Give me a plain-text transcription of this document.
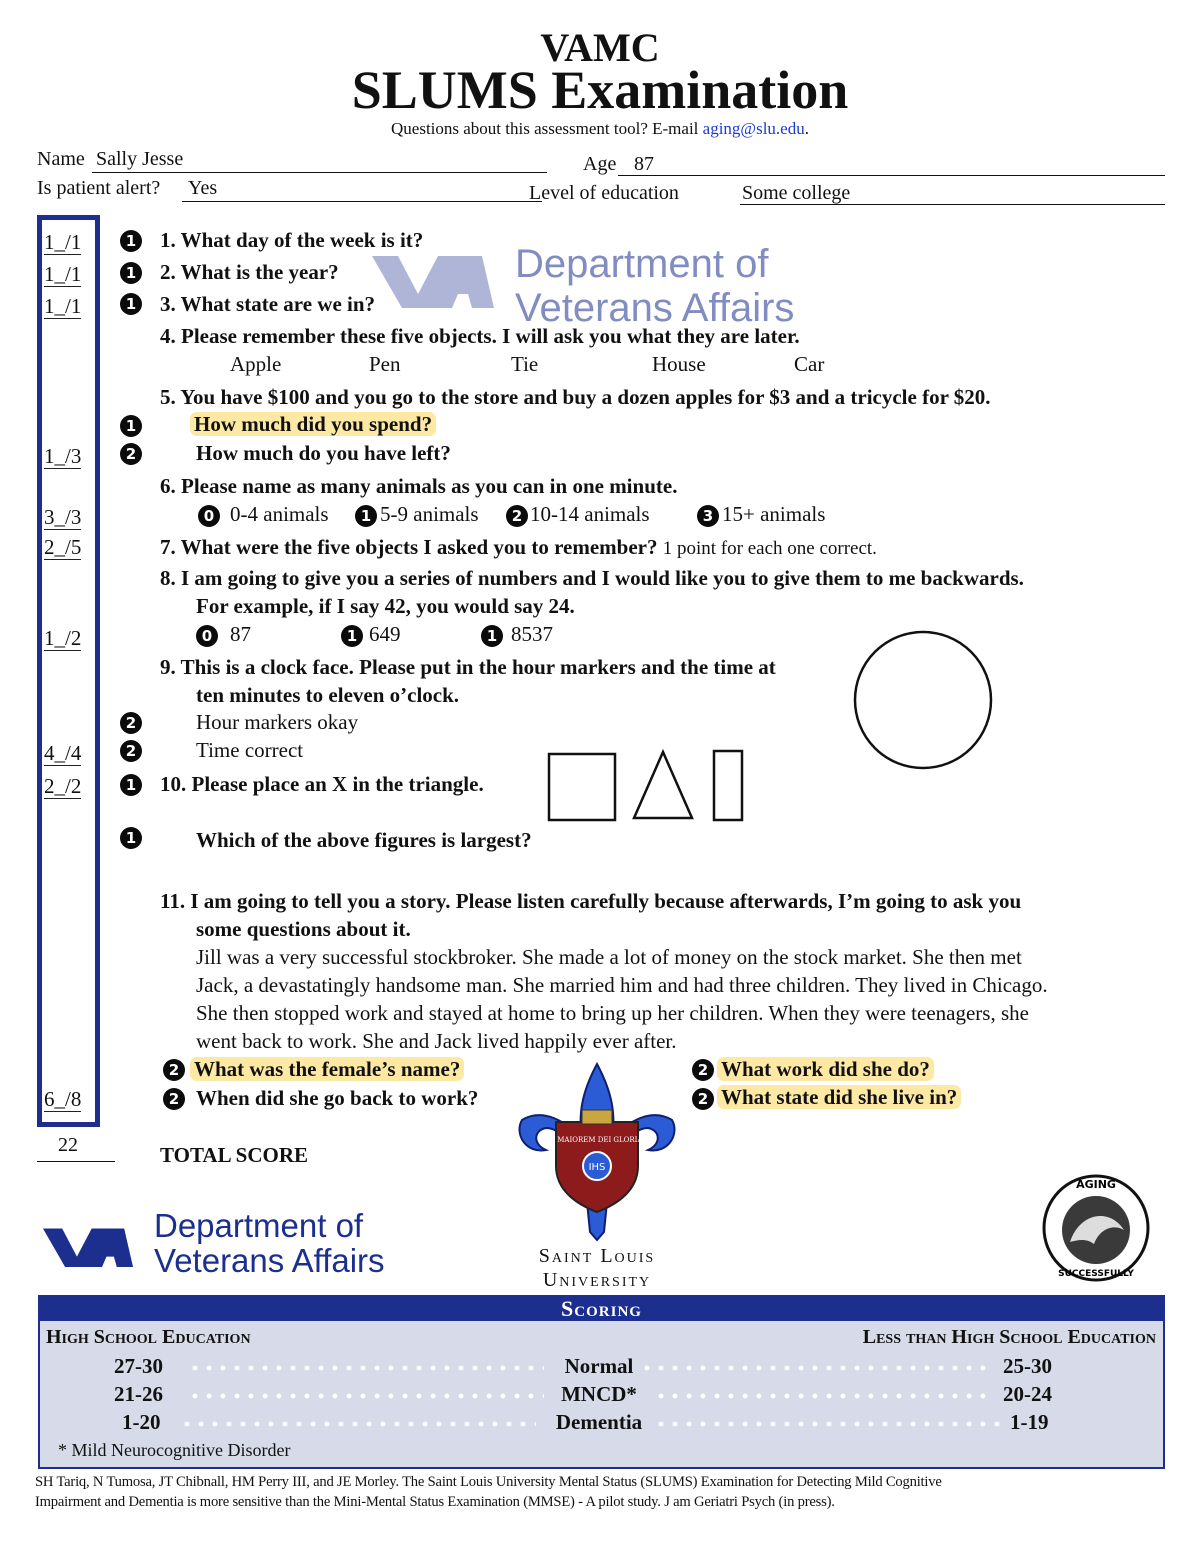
VAMC
SLUMS Examination
Questions about this assessment tool? E-mail aging@slu.edu.
Name Sally Jesse	Age 87
Is patient alert? Yes	Level of education	Some college
Department of
Veterans Affairs
1_/1
1_/1
1_/1
1_/3
3_/3
2_/5
1_/2
4_/4
2_/2
6_/8
22	TOTAL SCORE
1 1. What day of the week is it?
1 2. What is the year?
1 3. What state are we in?
4. Please remember these five objects. I will ask you what they are later.
Apple	Pen	Tie	House	Car
5. You have $100 and you go to the store and buy a dozen apples for $3 and a tricycle for $20.
1	How much did you spend?
2	How much do you have left?
6. Please name as many animals as you can in one minute.
0 0-4 animals	1 5-9 animals	2 10-14 animals	3 15+ animals
7. What were the five objects I asked you to remember? 1 point for each one correct.
8. I am going to give you a series of numbers and I would like you to give them to me backwards.
For example, if I say 42, you would say 24.
0 87	1 649	1 8537
9. This is a clock face. Please put in the hour markers and the time at
ten minutes to eleven o’clock.
2	Hour markers okay
2	Time correct
1 10. Please place an X in the triangle.
1	Which of the above figures is largest?
11. I am going to tell you a story. Please listen carefully because afterwards, I’m going to ask you
some questions about it.
Jill was a very successful stockbroker. She made a lot of money on the stock market. She then met
Jack, a devastatingly handsome man. She married him and had three children. They lived in Chicago.
She then stopped work and stayed at home to bring up her children. When they were teenagers, she
went back to work. She and Jack lived happily ever after.
2 What was the female’s name?
2 When did she go back to work?
2 What work did she do?
2 What state did she live in?
Department of
Veterans Affairs
IHS
AD MAIOREM DEI GLORIAM
Saint Louis
University
AGING
SUCCESSFULLY
Scoring
High School Education	Less than High School Education
27-30	Normal	25-30
21-26	MNCD*	20-24
1-20	Dementia	1-19
* Mild Neurocognitive Disorder
SH Tariq, N Tumosa, JT Chibnall, HM Perry III, and JE Morley. The Saint Louis University Mental Status (SLUMS) Examination for Detecting Mild Cognitive
Impairment and Dementia is more sensitive than the Mini-Mental Status Examination (MMSE) - A pilot study. J am Geriatri Psych (in press).
